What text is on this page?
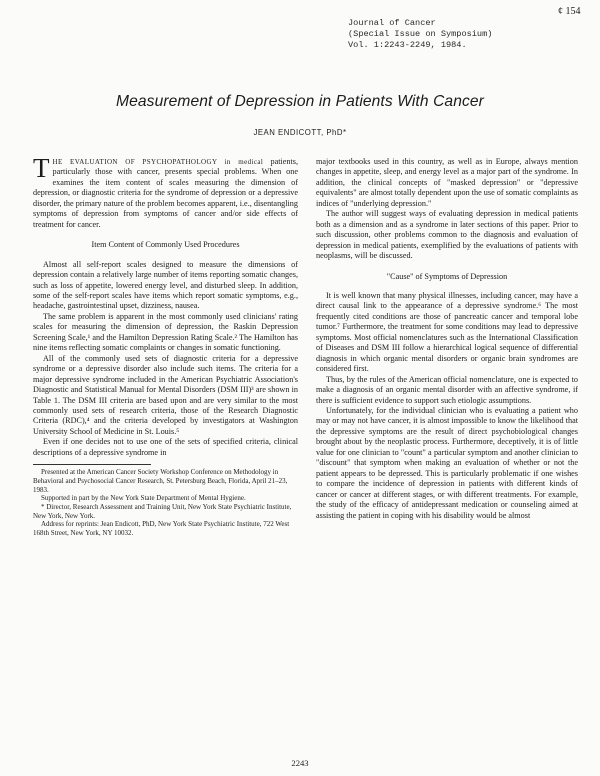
¢ 154
Journal of Cancer
(Special Issue on Symposium)
Vol. 1:2243-2249, 1984.
Measurement of Depression in Patients With Cancer
JEAN ENDICOTT, PhD*

THE EVALUATION OF PSYCHOPATHOLOGY in medical patients, particularly those with cancer, presents special problems. When one examines the item content of scales measuring the dimension of depression, or diagnostic criteria for the syndrome of depression or a depressive disorder, the primary nature of the problem becomes apparent, i.e., disentangling symptoms of depression from symptoms of cancer and/or side effects of treatment for cancer.

Item Content of Commonly Used Procedures

Almost all self-report scales designed to measure the dimensions of depression contain a relatively large number of items reporting somatic changes, such as loss of appetite, lowered energy level, and disturbed sleep. In addition, some of the self-report scales have items which report somatic symptoms, e.g., headache, gastrointestinal upset, dizziness, nausea.

The same problem is apparent in the most commonly used clinicians' rating scales for measuring the dimension of depression, the Raskin Depression Screening Scale,¹ and the Hamilton Depression Rating Scale.² The Hamilton has nine items reflecting somatic complaints or changes in somatic functioning.

All of the commonly used sets of diagnostic criteria for a depressive syndrome or a depressive disorder also include such items. The criteria for a major depressive syndrome included in the American Psychiatric Association's Diagnostic and Statistical Manual for Mental Disorders (DSM III)³ are shown in Table 1. The DSM III criteria are based upon and are very similar to the most commonly used sets of research criteria, those of the Research Diagnostic Criteria (RDC),⁴ and the criteria developed by investigators at Washington University School of Medicine in St. Louis.⁵

Even if one decides not to use one of the sets of specified criteria, clinical descriptions of a depressive syndrome in

Presented at the American Cancer Society Workshop Conference on Methodology in Behavioral and Psychosocial Cancer Research, St. Petersburg Beach, Florida, April 21–23, 1983.

Supported in part by the New York State Department of Mental Hygiene.

* Director, Research Assessment and Training Unit, New York State Psychiatric Institute, New York, New York.

Address for reprints: Jean Endicott, PhD, New York State Psychiatric Institute, 722 West 168th Street, New York, NY 10032.

major textbooks used in this country, as well as in Europe, always mention changes in appetite, sleep, and energy level as a major part of the syndrome. In addition, the clinical concepts of "masked depression" or "depressive equivalents" are almost totally dependent upon the use of somatic complaints as indices of "underlying depression."

The author will suggest ways of evaluating depression in medical patients both as a dimension and as a syndrome in later sections of this paper. Prior to such discussion, other problems common to the diagnosis and evaluation of depression in medical patients, exemplified by the evaluations of patients with neoplasms, will be discussed.

"Cause" of Symptoms of Depression

It is well known that many physical illnesses, including cancer, may have a direct causal link to the appearance of a depressive syndrome.⁶ The most frequently cited conditions are those of pancreatic cancer and temporal lobe tumor.⁷ Furthermore, the treatment for some conditions may lead to depressive symptoms. Most official nomenclatures such as the International Classification of Diseases and DSM III follow a hierarchical logical sequence of differential diagnosis in which organic mental disorders or organic brain syndromes are considered first.

Thus, by the rules of the American official nomenclature, one is expected to make a diagnosis of an organic mental disorder with an affective syndrome, if there is sufficient evidence to support such etiologic assumptions.

Unfortunately, for the individual clinician who is evaluating a patient who may or may not have cancer, it is almost impossible to know the likelihood that the depressive symptoms are the result of direct psychobiological changes brought about by the neoplastic process. Furthermore, deceptively, it is of little value for one clinician to "count" a particular symptom and another clinician to "discount" that symptom when making an evaluation of whether or not the patient appears to be depressed. This is particularly problematic if one wishes to compare the incidence of depression in patients with different kinds of cancer or cancer at different stages, or with different treatments. For example, the study of the efficacy of antidepressant medication or counseling aimed at assisting the patient in coping with his disability would be almost

2243
